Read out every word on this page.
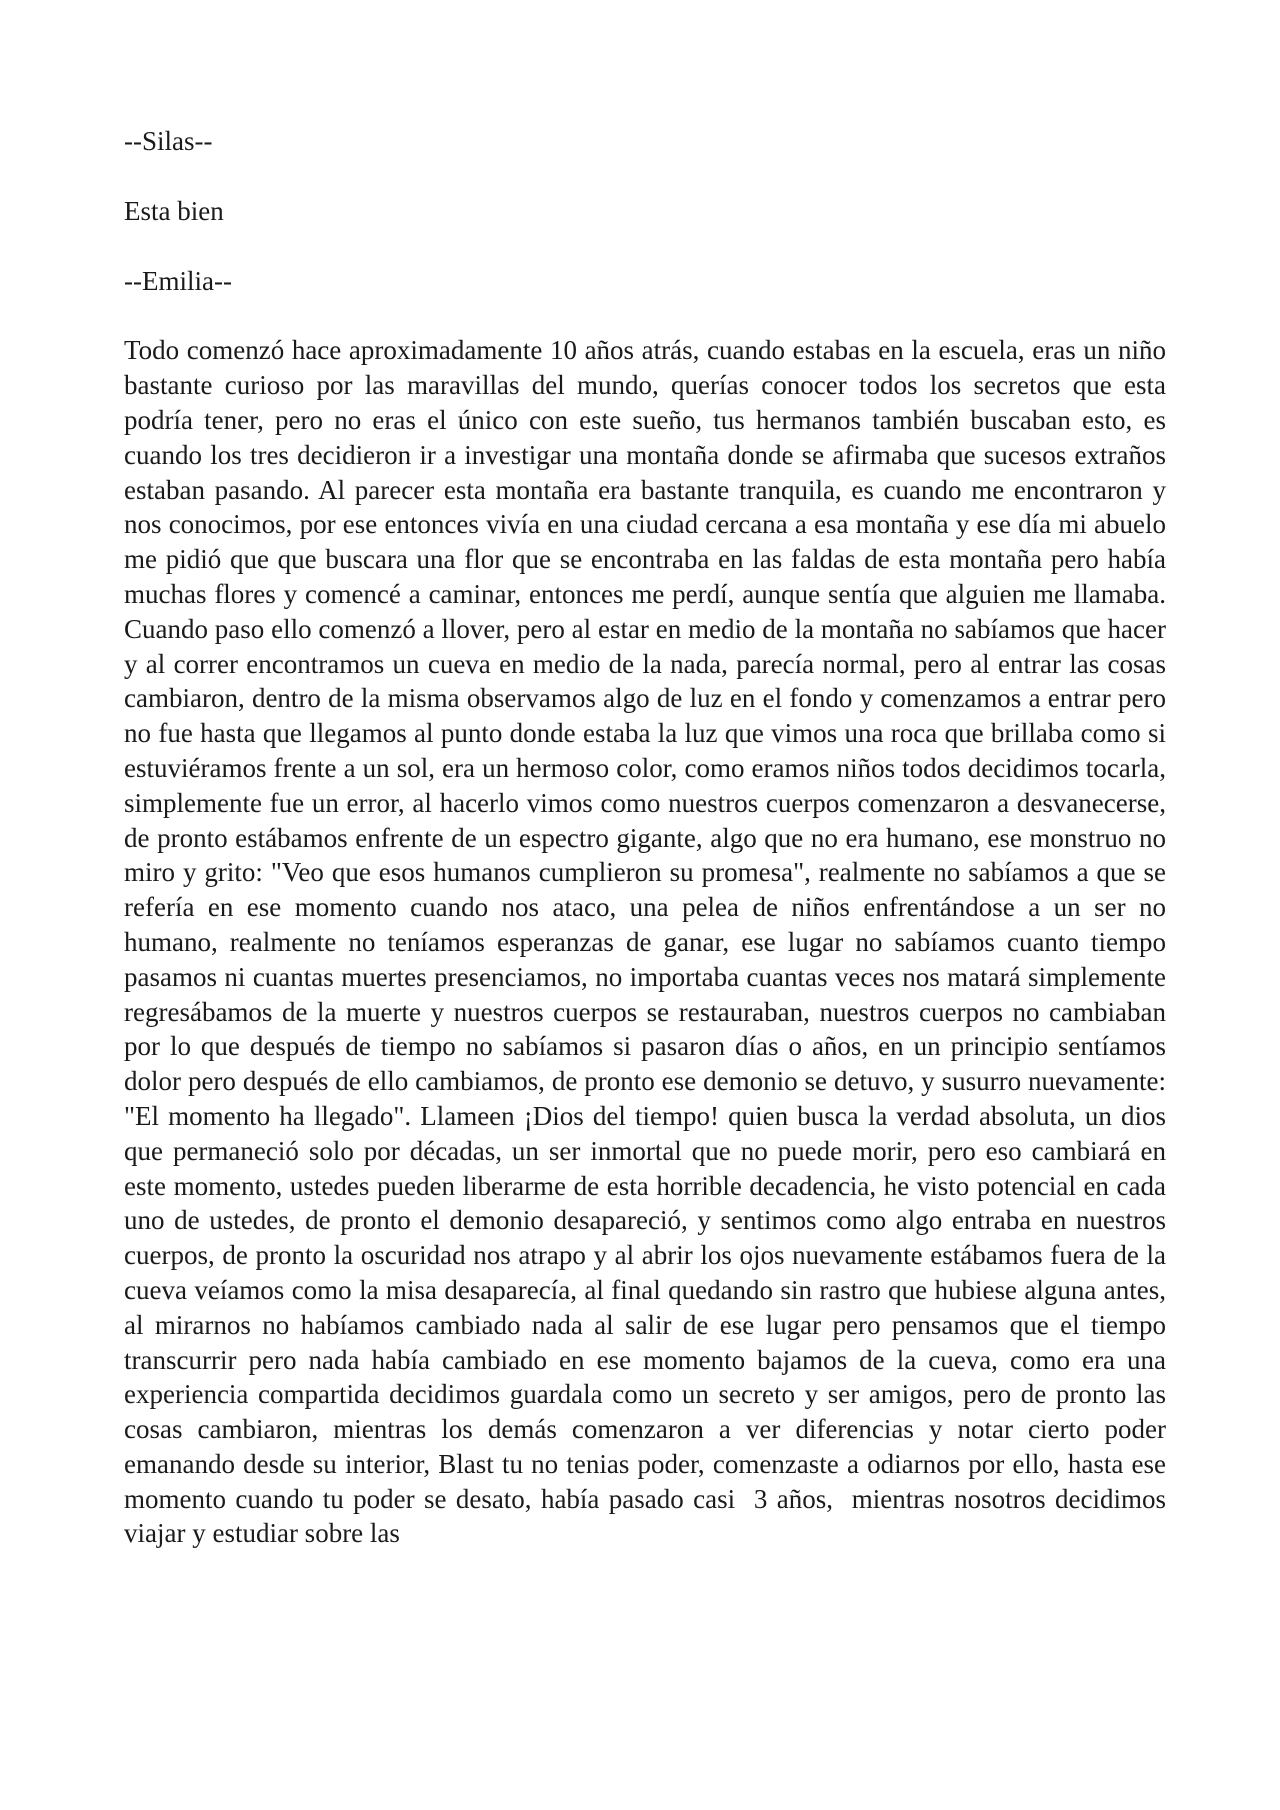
--Silas--

Esta bien

--Emilia--

Todo comenzó hace aproximadamente 10 años atrás, cuando estabas en la escuela, eras un niño bastante curioso por las maravillas del mundo, querías conocer todos los secretos que esta podría tener, pero no eras el único con este sueño, tus hermanos también buscaban esto, es cuando los tres decidieron ir a investigar una montaña donde se afirmaba que sucesos extraños estaban pasando. Al parecer esta montaña era bastante tranquila, es cuando me encontraron y nos conocimos, por ese entonces vivía en una ciudad cercana a esa montaña y ese día mi abuelo me pidió que que buscara una flor que se encontraba en las faldas de esta montaña pero había muchas flores y comencé a caminar, entonces me perdí, aunque sentía que alguien me llamaba. Cuando paso ello comenzó a llover, pero al estar en medio de la montaña no sabíamos que hacer y al correr encontramos un cueva en medio de la nada, parecía normal, pero al entrar las cosas cambiaron, dentro de la misma observamos algo de luz en el fondo y comenzamos a entrar pero no fue hasta que llegamos al punto donde estaba la luz que vimos una roca que brillaba como si estuviéramos frente a un sol, era un hermoso color, como eramos niños todos decidimos tocarla, simplemente fue un error, al hacerlo vimos como nuestros cuerpos comenzaron a desvanecerse, de pronto estábamos enfrente de un espectro gigante, algo que no era humano, ese monstruo no miro y grito: "Veo que esos humanos cumplieron su promesa", realmente no sabíamos a que se refería en ese momento cuando nos ataco, una pelea de niños enfrentándose a un ser no humano, realmente no teníamos esperanzas de ganar, ese lugar no sabíamos cuanto tiempo pasamos ni cuantas muertes presenciamos, no importaba cuantas veces nos matará simplemente regresábamos de la muerte y nuestros cuerpos se restauraban, nuestros cuerpos no cambiaban por lo que después de tiempo no sabíamos si pasaron días o años, en un principio sentíamos dolor pero después de ello cambiamos, de pronto ese demonio se detuvo, y susurro nuevamente: "El momento ha llegado". Llameen ¡Dios del tiempo! quien busca la verdad absoluta, un dios que permaneció solo por décadas, un ser inmortal que no puede morir, pero eso cambiará en este momento, ustedes pueden liberarme de esta horrible decadencia, he visto potencial en cada uno de ustedes, de pronto el demonio desapareció, y sentimos como algo entraba en nuestros cuerpos, de pronto la oscuridad nos atrapo y al abrir los ojos nuevamente estábamos fuera de la cueva veíamos como la misa desaparecía, al final quedando sin rastro que hubiese alguna antes, al mirarnos no habíamos cambiado nada al salir de ese lugar pero pensamos que el tiempo transcurrir pero nada había cambiado en ese momento bajamos de la cueva, como era una experiencia compartida decidimos guardala como un secreto y ser amigos, pero de pronto las cosas cambiaron, mientras los demás comenzaron a ver diferencias y notar cierto poder emanando desde su interior, Blast tu no tenias poder, comenzaste a odiarnos por ello, hasta ese momento cuando tu poder se desato, había pasado casi  3 años,  mientras nosotros decidimos viajar y estudiar sobre las
